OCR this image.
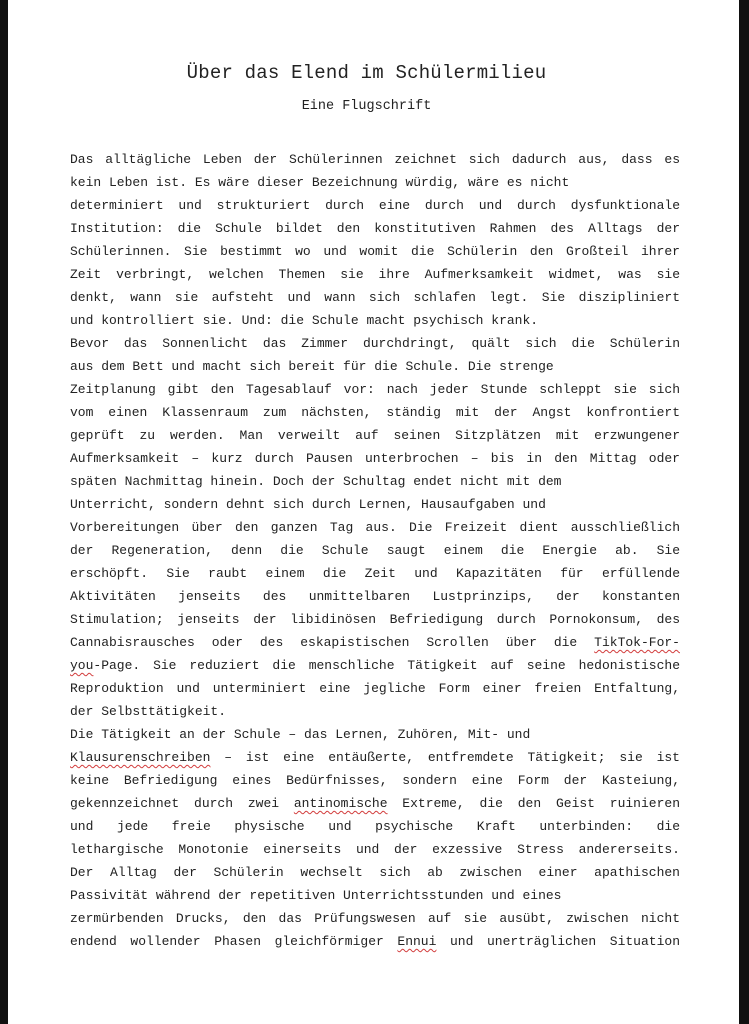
Über das Elend im Schülermilieu
Eine Flugschrift
Das alltägliche Leben der Schülerinnen zeichnet sich dadurch aus, dass es
kein Leben ist. Es wäre dieser Bezeichnung würdig, wäre es nicht
determiniert und strukturiert durch eine durch und durch dysfunktionale
Institution: die Schule bildet den konstitutiven Rahmen des Alltags der
Schülerinnen. Sie bestimmt wo und womit die Schülerin den Großteil ihrer
Zeit verbringt, welchen Themen sie ihre Aufmerksamkeit widmet, was sie
denkt, wann sie aufsteht und wann sich schlafen legt. Sie diszipliniert
und kontrolliert sie. Und: die Schule macht psychisch krank.
Bevor das Sonnenlicht das Zimmer durchdringt, quält sich die Schülerin
aus dem Bett und macht sich bereit für die Schule. Die strenge
Zeitplanung gibt den Tagesablauf vor: nach jeder Stunde schleppt sie sich
vom einen Klassenraum zum nächsten, ständig mit der Angst konfrontiert
geprüft zu werden. Man verweilt auf seinen Sitzplätzen mit erzwungener
Aufmerksamkeit – kurz durch Pausen unterbrochen – bis in den Mittag oder
späten Nachmittag hinein. Doch der Schultag endet nicht mit dem
Unterricht, sondern dehnt sich durch Lernen, Hausaufgaben und
Vorbereitungen über den ganzen Tag aus. Die Freizeit dient ausschließlich
der Regeneration, denn die Schule saugt einem die Energie ab. Sie
erschöpft. Sie raubt einem die Zeit und Kapazitäten für erfüllende
Aktivitäten jenseits des unmittelbaren Lustprinzips, der konstanten
Stimulation; jenseits der libidinösen Befriedigung durch Pornokonsum, des
Cannabisrausches oder des eskapistischen Scrollen über die TikTok-For-
you-Page. Sie reduziert die menschliche Tätigkeit auf seine hedonistische
Reproduktion und unterminiert eine jegliche Form einer freien Entfaltung,
der Selbsttätigkeit.
Die Tätigkeit an der Schule – das Lernen, Zuhören, Mit- und
Klausurenschreiben – ist eine entäußerte, entfremdete Tätigkeit; sie ist
keine Befriedigung eines Bedürfnisses, sondern eine Form der Kasteiung,
gekennzeichnet durch zwei antinomische Extreme, die den Geist ruinieren
und jede freie physische und psychische Kraft unterbinden: die
lethargische Monotonie einerseits und der exzessive Stress andererseits.
Der Alltag der Schülerin wechselt sich ab zwischen einer apathischen
Passivität während der repetitiven Unterrichtsstunden und eines
zermürbenden Drucks, den das Prüfungswesen auf sie ausübt, zwischen nicht
endend wollender Phasen gleichförmiger Ennui und unerträglichen Situation
